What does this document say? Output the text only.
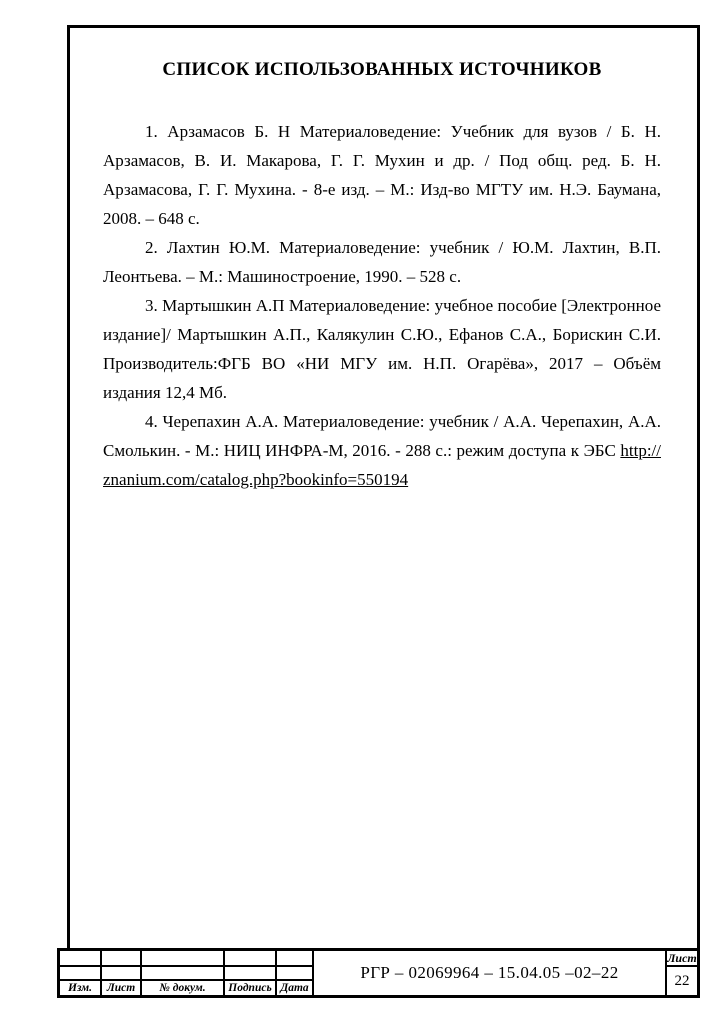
СПИСОК ИСПОЛЬЗОВАННЫХ ИСТОЧНИКОВ

1. Арзамасов Б. Н Материаловедение: Учебник для вузов / Б. Н. Арзамасов, В. И. Макарова, Г. Г. Мухин и др. / Под общ. ред. Б. Н. Арзамасова, Г. Г. Мухина. - 8-е изд. – М.: Изд-во МГТУ им. Н.Э. Баумана, 2008. – 648 с.

2. Лахтин Ю.М. Материаловедение: учебник / Ю.М. Лахтин, В.П. Леонтьева. – М.: Машиностроение, 1990. – 528 с.

3. Мартышкин А.П Материаловедение: учебное пособие [Электронное издание]/ Мартышкин А.П., Калякулин С.Ю., Ефанов С.А., Борискин С.И. Производитель:ФГБ ВО «НИ МГУ им. Н.П. Огарёва», 2017 – Объём издания 12,4 Мб.

4. Черепахин А.А. Материаловедение: учебник / А.А. Черепахин, А.А. Смолькин. - М.: НИЦ ИНФРА-М, 2016. - 288 с.: режим доступа к ЭБС http://znanium.com/catalog.php?bookinfo=550194

Изм.	Лист	№ докум.	Подпись Дата
РГР – 02069964 – 15.04.05 –02–22
Лист
22
